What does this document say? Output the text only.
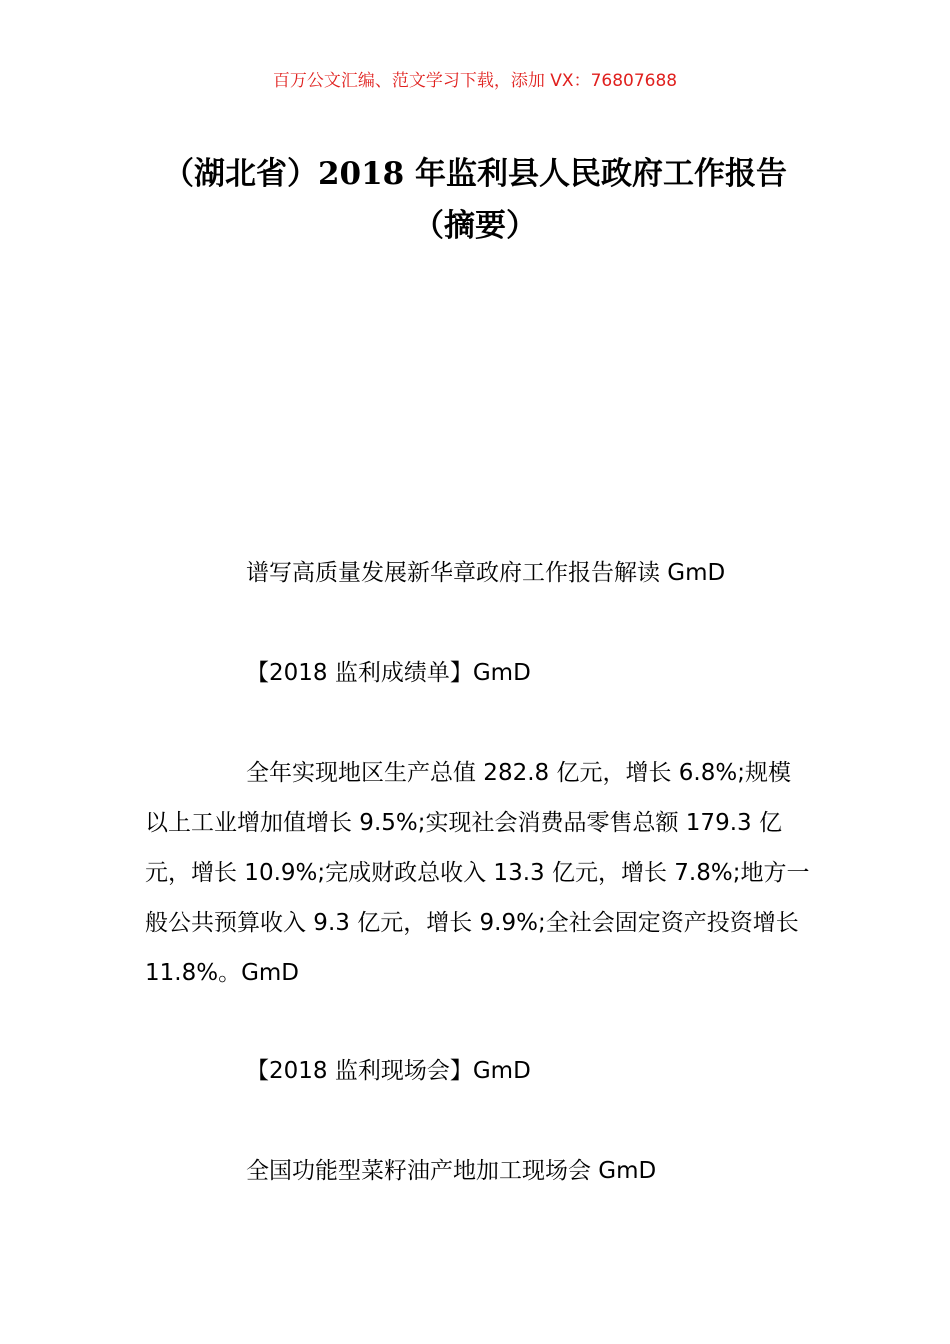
百万公文汇编、范文学习下载，添加 VX：76807688
（湖北省）2018 年监利县人民政府工作报告（摘要）

谱写高质量发展新华章政府工作报告解读 GmD

【2018 监利成绩单】GmD

全年实现地区生产总值 282.8 亿元，增长 6.8%;规模以上工业增加值增长 9.5%;实现社会消费品零售总额 179.3 亿元，增长 10.9%;完成财政总收入 13.3 亿元，增长 7.8%;地方一般公共预算收入 9.3 亿元，增长 9.9%;全社会固定资产投资增长 11.8%。GmD

【2018 监利现场会】GmD

全国功能型菜籽油产地加工现场会 GmD
